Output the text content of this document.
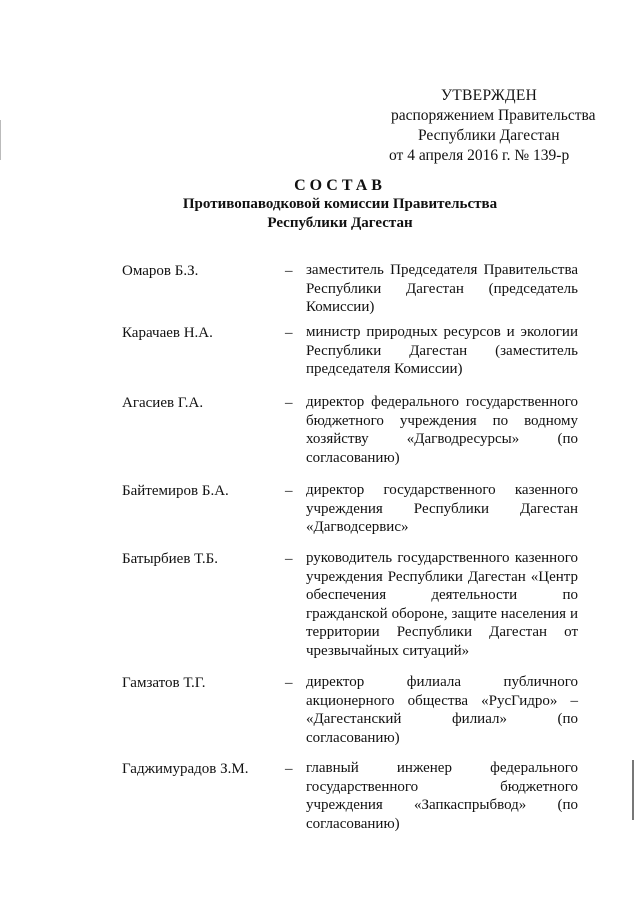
УТВЕРЖДЕН
распоряжением Правительства
Республики Дагестан
от 4 апреля 2016 г. № 139-р
СОСТАВ
Противопаводковой комиссии Правительства
Республики Дагестан
Омаров Б.З.	– заместитель Председателя Правительства Республики Дагестан (председатель Комиссии)
Карачаев Н.А.	– министр природных ресурсов и экологии Республики Дагестан (заместитель председателя Комиссии)
Агасиев Г.А.	– директор федерального государственного бюджетного учреждения по водному хозяйству «Дагводресурсы» (по согласованию)
Байтемиров Б.А.	– директор государственного казенного учреждения Республики Дагестан «Дагводсервис»
Батырбиев Т.Б.	– руководитель государственного казенного учреждения Республики Дагестан «Центр обеспечения деятельности по гражданской обороне, защите населения и территории Республики Дагестан от чрезвычайных ситуаций»
Гамзатов Т.Г.	– директор филиала публичного акционерного общества «РусГидро» – «Дагестанский филиал» (по согласованию)
Гаджимурадов З.М. – главный инженер федерального государственного бюджетного учреждения «Запкаспрыбвод» (по согласованию)
